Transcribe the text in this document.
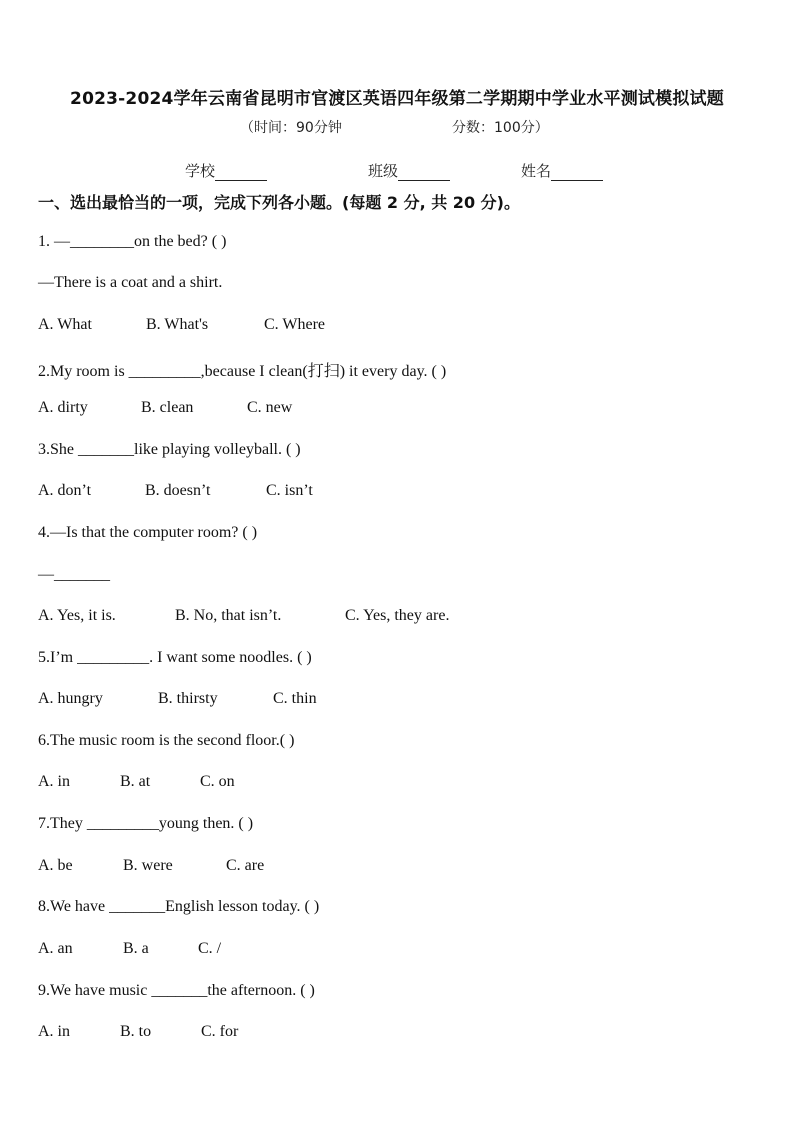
2023-2024学年云南省昆明市官渡区英语四年级第二学期期中学业水平测试模拟试题
（时间：90分钟	分数：100分）
学校	班级	姓名
一、选出最恰当的一项，完成下列各小题。(每题 2 分, 共 20 分)。
1. —________on the bed? ( )
—There is a coat and a shirt.
A. What	B. What's	C. Where
2.My room is _________,because I clean(打扫) it every day. ( )
A. dirty	B. clean	C. new
3.She _______like playing volleyball. ( )
A. don’t	B. doesn’t	C. isn’t
4.—Is that the computer room? ( )
—_______
A. Yes, it is.	B. No, that isn’t.	C. Yes, they are.
5.I’m _________. I want some noodles. ( )
A. hungry	B. thirsty	C. thin
6.The music room is the second floor.( )
A. in	B. at	C. on
7.They _________young then. ( )
A. be	B. were	C. are
8.We have _______English lesson today. ( )
A. an	B. a	C. /
9.We have music _______the afternoon. ( )
A. in	B. to	C. for
